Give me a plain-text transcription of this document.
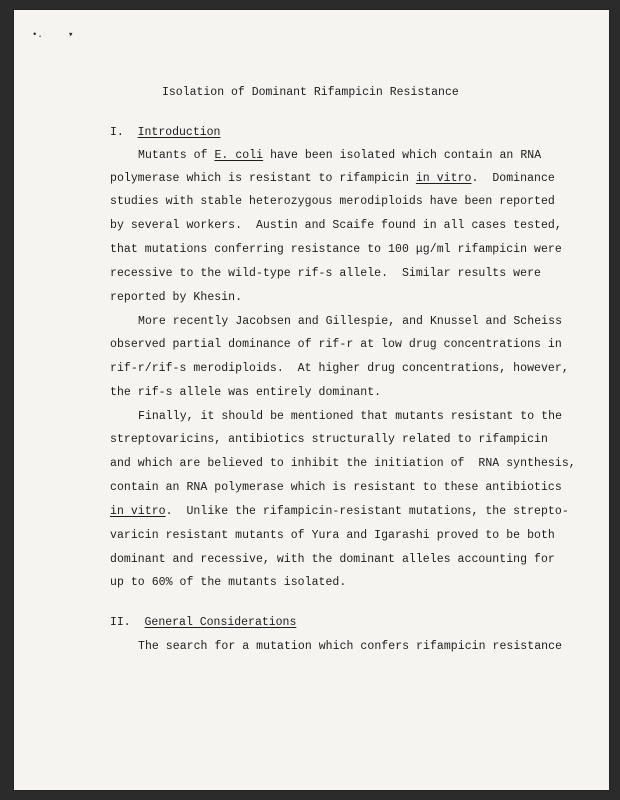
•.	▾
Isolation of Dominant Rifampicin Resistance
I. Introduction
II. General Considerations
Mutants of E. coli have been isolated which contain an RNA
polymerase which is resistant to rifampicin in vitro.  Dominance
studies with stable heterozygous merodiploids have been reported
by several workers.  Austin and Scaife found in all cases tested,
that mutations conferring resistance to 100 μg/ml rifampicin were
recessive to the wild-type rif-s allele.  Similar results were
reported by Khesin.
More recently Jacobsen and Gillespie, and Knussel and Scheiss
observed partial dominance of rif-r at low drug concentrations in
rif-r/rif-s merodiploids.  At higher drug concentrations, however,
the rif-s allele was entirely dominant.
Finally, it should be mentioned that mutants resistant to the
streptovaricins, antibiotics structurally related to rifampicin
and which are believed to inhibit the initiation of  RNA synthesis,
contain an RNA polymerase which is resistant to these antibiotics
in vitro.  Unlike the rifampicin-resistant mutations, the strepto-
varicin resistant mutants of Yura and Igarashi proved to be both
dominant and recessive, with the dominant alleles accounting for
up to 60% of the mutants isolated.
The search for a mutation which confers rifampicin resistance
